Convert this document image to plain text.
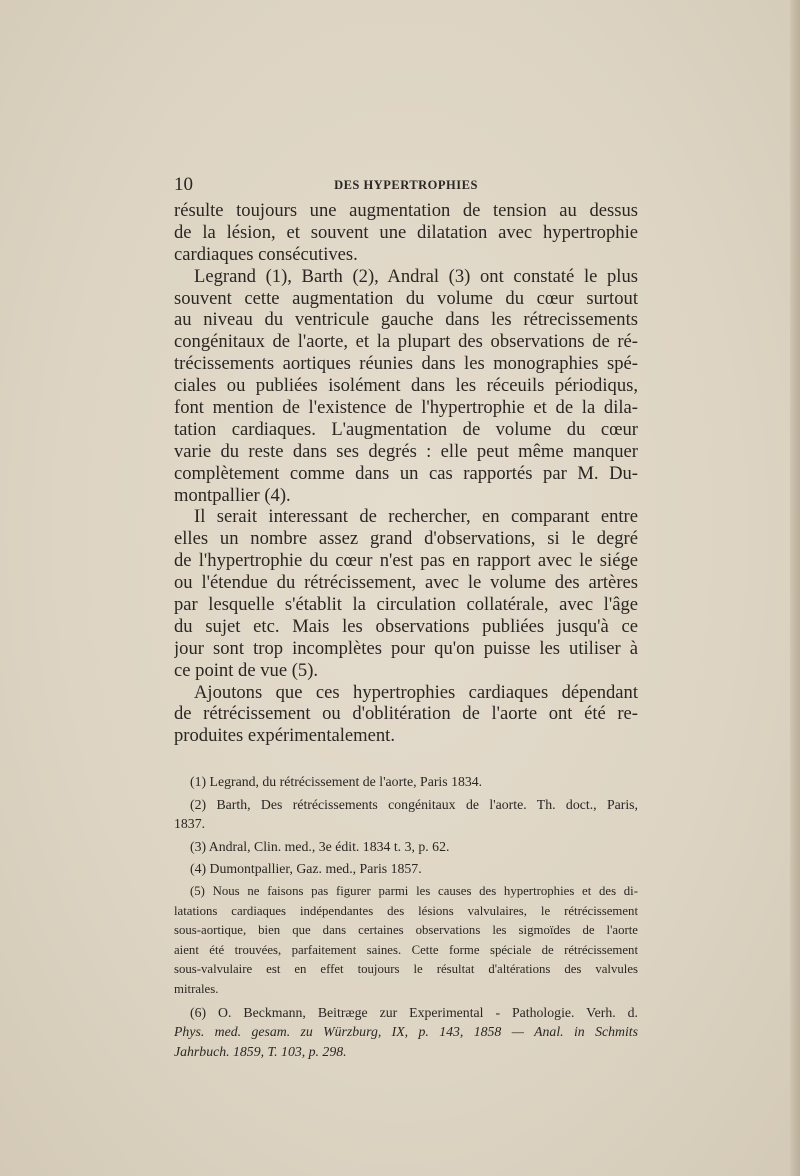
10	DES HYPERTROPHIES
résulte toujours une augmentation de tension au dessus
de la lésion, et souvent une dilatation avec hypertrophie
cardiaques consécutives.
Legrand (1), Barth (2), Andral (3) ont constaté le plus
souvent cette augmentation du volume du cœur surtout
au niveau du ventricule gauche dans les rétrecissements
congénitaux de l'aorte, et la plupart des observations de ré-
trécissements aortiques réunies dans les monographies spé-
ciales ou publiées isolément dans les réceuils périodiqus,
font mention de l'existence de l'hypertrophie et de la dila-
tation cardiaques. L'augmentation de volume du cœur
varie du reste dans ses degrés : elle peut même manquer
complètement comme dans un cas rapportés par M. Du-
montpallier (4).
Il serait interessant de rechercher, en comparant entre
elles un nombre assez grand d'observations, si le degré
de l'hypertrophie du cœur n'est pas en rapport avec le siége
ou l'étendue du rétrécissement, avec le volume des artères
par lesquelle s'établit la circulation collatérale, avec l'âge
du sujet etc. Mais les observations publiées jusqu'à ce
jour sont trop incomplètes pour qu'on puisse les utiliser à
ce point de vue (5).
Ajoutons que ces hypertrophies cardiaques dépendant
de rétrécissement ou d'oblitération de l'aorte ont été re-
produites expérimentalement.
(1) Legrand, du rétrécissement de l'aorte, Paris 1834.
(2) Barth, Des rétrécissements congénitaux de l'aorte. Th. doct., Paris,
1837.
(3) Andral, Clin. med., 3e édit. 1834 t. 3, p. 62.
(4) Dumontpallier, Gaz. med., Paris 1857.
(5) Nous ne faisons pas figurer parmi les causes des hypertrophies et des di-
latations cardiaques indépendantes des lésions valvulaires, le rétrécissement
sous-aortique, bien que dans certaines observations les sigmoïdes de l'aorte
aient été trouvées, parfaitement saines. Cette forme spéciale de rétrécissement
sous-valvulaire est en effet toujours le résultat d'altérations des valvules
mitrales.
(6) O. Beckmann, Beitræge zur Experimental - Pathologie. Verh. d.
Phys. med. gesam. zu Würzburg, IX, p. 143, 1858 — Anal. in Schmits
Jahrbuch. 1859, T. 103, p. 298.
